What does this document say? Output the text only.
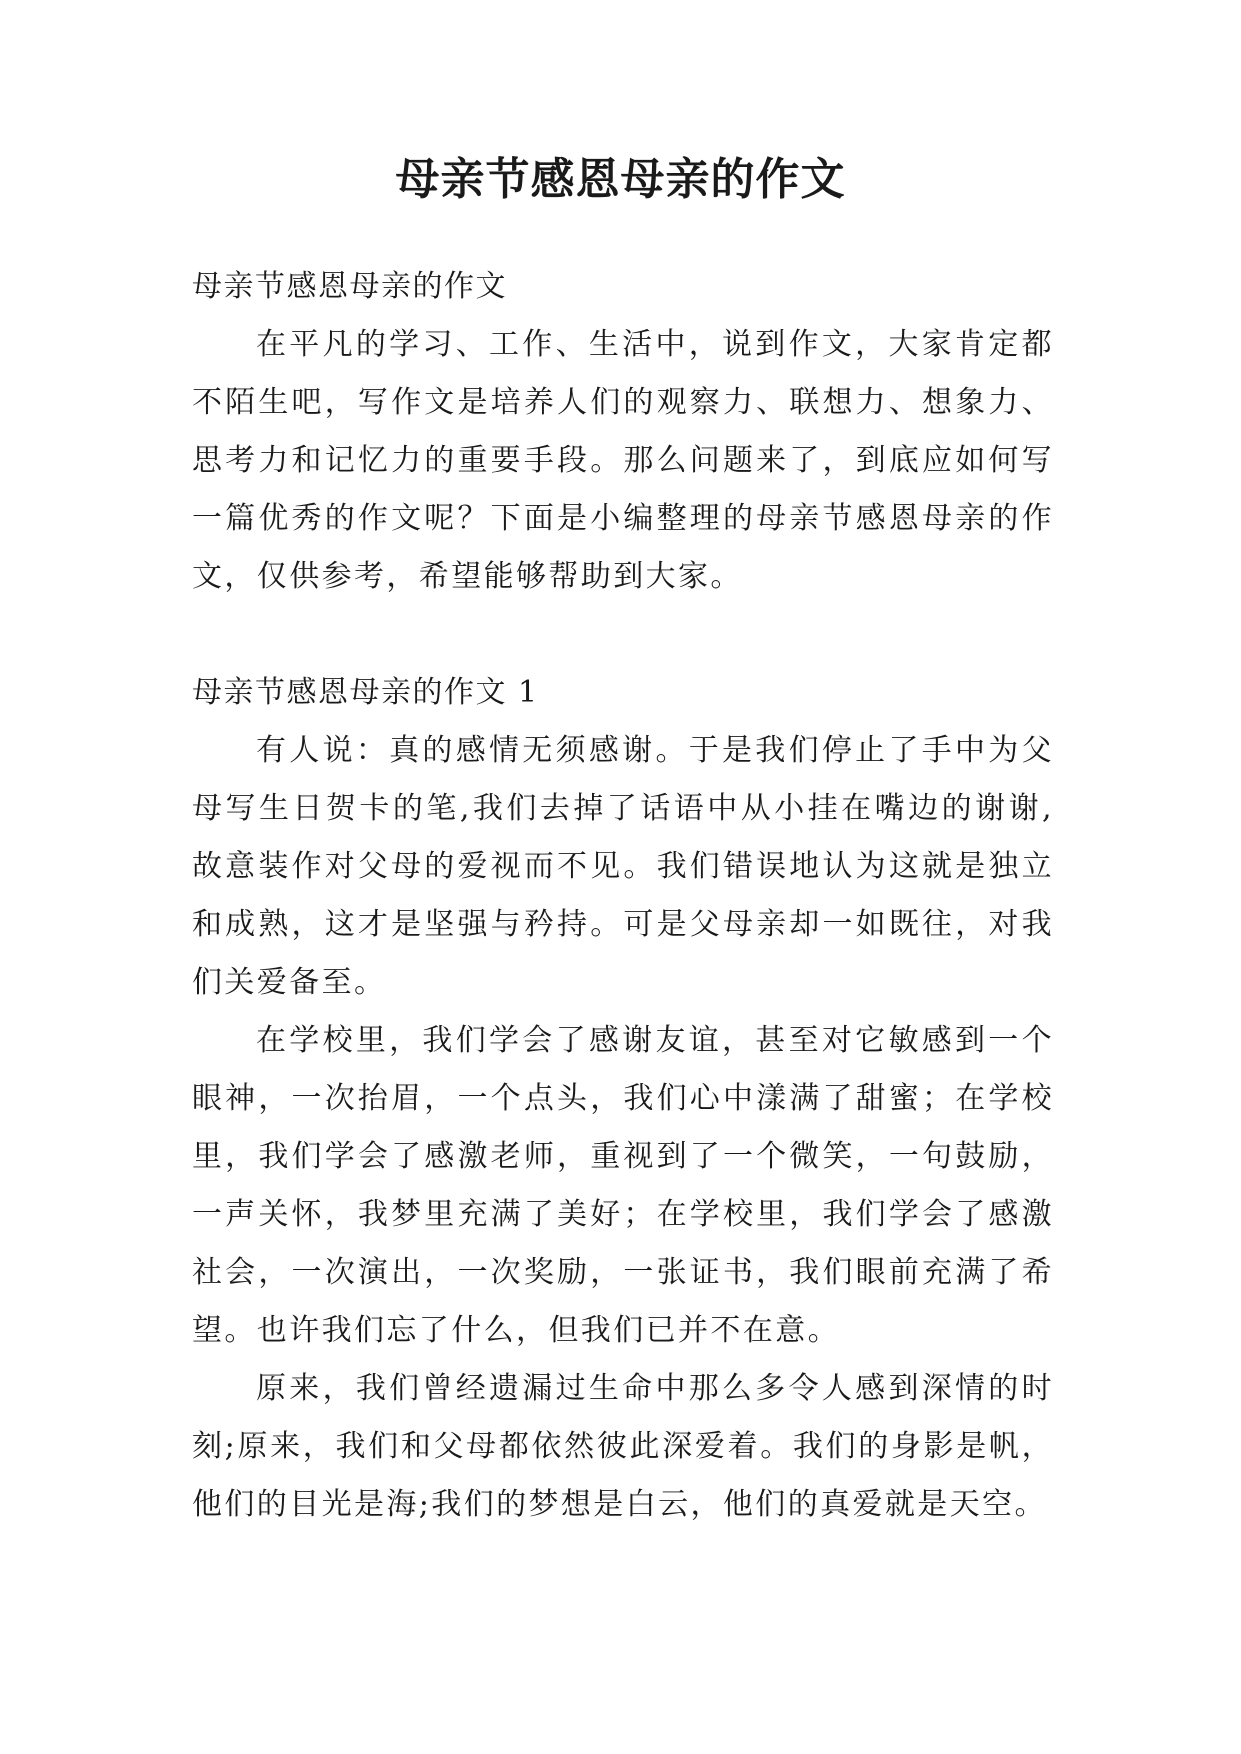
母亲节感恩母亲的作文
母亲节感恩母亲的作文

在平凡的学习、工作、生活中，说到作文，大家肯定都不陌生吧，写作文是培养人们的观察力、联想力、想象力、思考力和记忆力的重要手段。那么问题来了，到底应如何写一篇优秀的作文呢？下面是小编整理的母亲节感恩母亲的作文，仅供参考，希望能够帮助到大家。

母亲节感恩母亲的作文 1

有人说：真的感情无须感谢。于是我们停止了手中为父母写生日贺卡的笔,我们去掉了话语中从小挂在嘴边的谢谢,故意装作对父母的爱视而不见。我们错误地认为这就是独立和成熟，这才是坚强与矜持。可是父母亲却一如既往，对我们关爱备至。

在学校里，我们学会了感谢友谊，甚至对它敏感到一个眼神，一次抬眉，一个点头，我们心中漾满了甜蜜；在学校里，我们学会了感激老师，重视到了一个微笑，一句鼓励，一声关怀，我梦里充满了美好；在学校里，我们学会了感激社会，一次演出，一次奖励，一张证书，我们眼前充满了希望。也许我们忘了什么，但我们已并不在意。

原来，我们曾经遗漏过生命中那么多令人感到深情的时刻;原来，我们和父母都依然彼此深爱着。我们的身影是帆，他们的目光是海;我们的梦想是白云，他们的真爱就是天空。
